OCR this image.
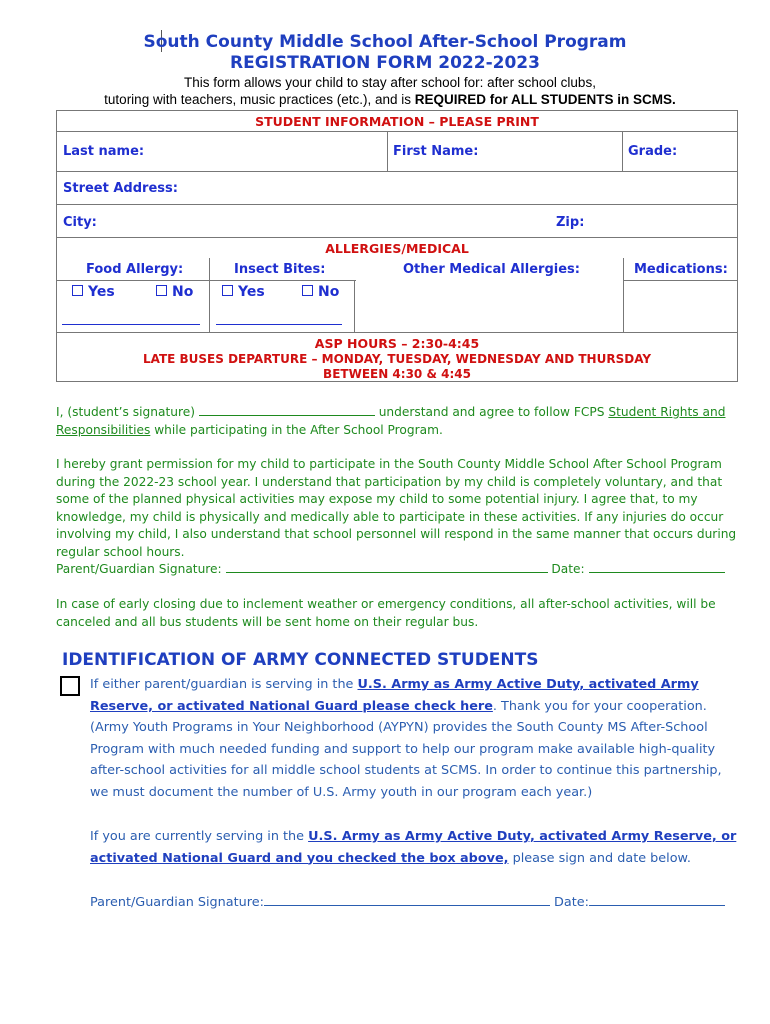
South County Middle School After-School Program
REGISTRATION FORM 2022-2023
This form allows your child to stay after school for: after school clubs,
tutoring with teachers, music practices (etc.), and is REQUIRED for ALL STUDENTS in SCMS.
STUDENT INFORMATION – PLEASE PRINT
Last name:	First Name:	Grade:
Street Address:
City:	Zip:
ALLERGIES/MEDICAL
Food Allergy:	Insect Bites:	Other Medical Allergies:	Medications:
Yes	No	Yes	No
ASP HOURS – 2:30-4:45
LATE BUSES DEPARTURE – MONDAY, TUESDAY, WEDNESDAY AND THURSDAY
BETWEEN 4:30 & 4:45
I, (student’s signature)	understand and agree to follow FCPS Student Rights and Responsibilities while participating in the After School Program.
I hereby grant permission for my child to participate in the South County Middle School After School Program during the 2022-23 school year. I understand that participation by my child is completely voluntary, and that some of the planned physical activities may expose my child to some potential injury. I agree that, to my knowledge, my child is physically and medically able to participate in these activities. If any injuries do occur involving my child, I also understand that school personnel will respond in the same manner that occurs during regular school hours.
Parent/Guardian Signature:	Date:
In case of early closing due to inclement weather or emergency conditions, all after-school activities, will be canceled and all bus students will be sent home on their regular bus.
IDENTIFICATION OF ARMY CONNECTED STUDENTS
If either parent/guardian is serving in the U.S. Army as Army Active Duty, activated Army Reserve, or activated National Guard please check here. Thank you for your cooperation. (Army Youth Programs in Your Neighborhood (AYPYN) provides the South County MS After-School Program with much needed funding and support to help our program make available high-quality after-school activities for all middle school students at SCMS. In order to continue this partnership, we must document the number of U.S. Army youth in our program each year.)
If you are currently serving in the U.S. Army as Army Active Duty, activated Army Reserve, or activated National Guard and you checked the box above, please sign and date below.
Parent/Guardian Signature:	Date:
